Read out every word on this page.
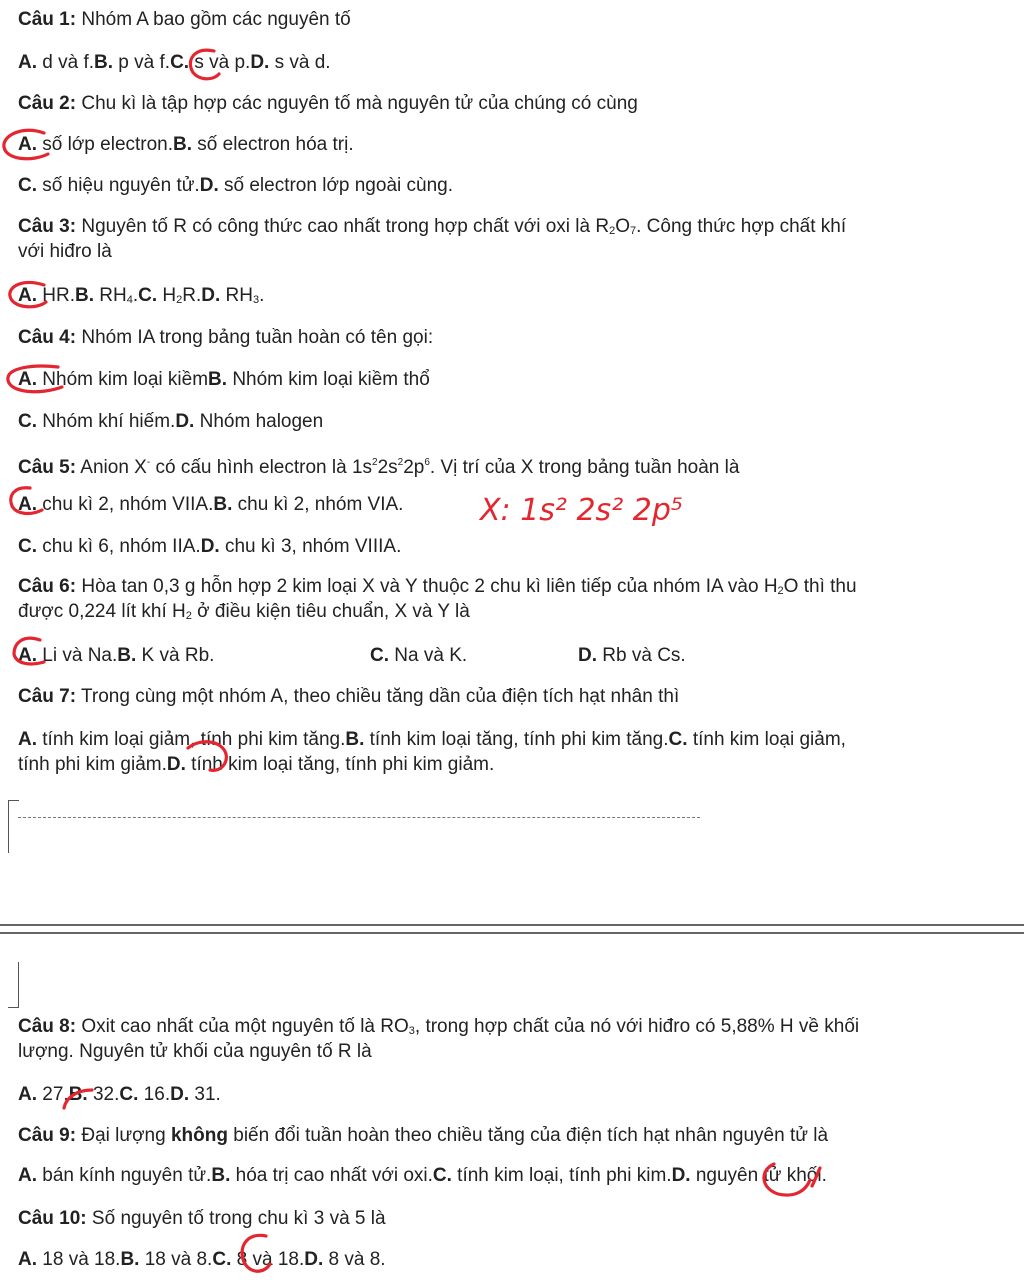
Câu 1: Nhóm A bao gồm các nguyên tố
A. d và f.B. p và f.C. s và p.D. s và d.
Câu 2: Chu kì là tập hợp các nguyên tố mà nguyên tử của chúng có cùng
A. số lớp electron.B. số electron hóa trị.
C. số hiệu nguyên tử.D. số electron lớp ngoài cùng.
Câu 3: Nguyên tố R có công thức cao nhất trong hợp chất với oxi là R2O7. Công thức hợp chất khí
với hiđro là
A. HR.B. RH4.C. H2R.D. RH3.
Câu 4: Nhóm IA trong bảng tuần hoàn có tên gọi:
A. Nhóm kim loại kiềmB. Nhóm kim loại kiềm thổ
C. Nhóm khí hiếm.D. Nhóm halogen
Câu 5: Anion X- có cấu hình electron là $1s^22s^22p^6$. Vị trí của X trong bảng tuần hoàn là
A. chu kì 2, nhóm VIIA.B. chu kì 2, nhóm VIA.
C. chu kì 6, nhóm IIA.D. chu kì 3, nhóm VIIIA.
Câu 6: Hòa tan 0,3 g hỗn hợp 2 kim loại X và Y thuộc 2 chu kì liên tiếp của nhóm IA vào H2O thì thu
được 0,224 lít khí H2 ở điều kiện tiêu chuẩn, X và Y là
A. Li và Na.B. K và Rb.	C. Na và K.	D. Rb và Cs.
Câu 7: Trong cùng một nhóm A, theo chiều tăng dần của điện tích hạt nhân thì
A. tính kim loại giảm, tính phi kim tăng.B. tính kim loại tăng, tính phi kim tăng.C. tính kim loại giảm,
tính phi kim giảm.D. tính kim loại tăng, tính phi kim giảm.
Câu 8: Oxit cao nhất của một nguyên tố là RO3, trong hợp chất của nó với hiđro có 5,88% H về khối
lượng. Nguyên tử khối của nguyên tố R là
A. 27.B. 32.C. 16.D. 31.
Câu 9: Đại lượng không biến đổi tuần hoàn theo chiều tăng của điện tích hạt nhân nguyên tử là
A. bán kính nguyên tử.B. hóa trị cao nhất với oxi.C. tính kim loại, tính phi kim.D. nguyên tử khối.
Câu 10: Số nguyên tố trong chu kì 3 và 5 là
A. 18 và 18.B. 18 và 8.C. 8 và 18.D. 8 và 8.
X: 1s² 2s² 2p⁵
